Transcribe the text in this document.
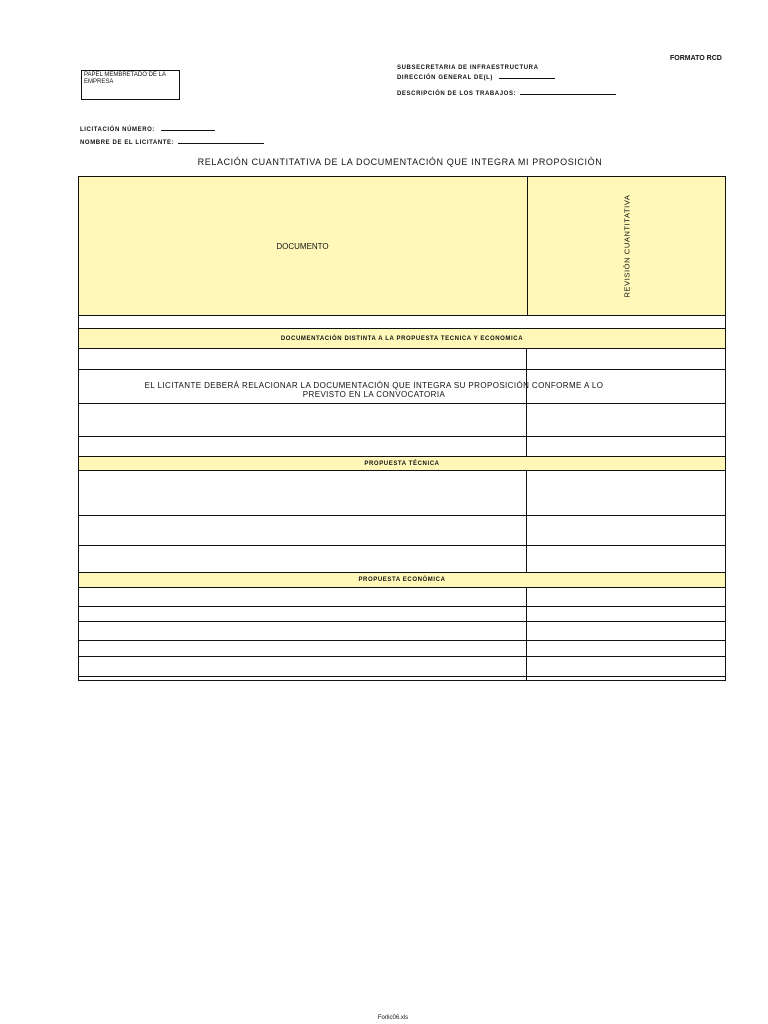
FORMATO RCD
PAPEL MEMBRETADO DE LA EMPRESA
SUBSECRETARIA DE INFRAESTRUCTURA
DIRECCIÓN GENERAL DE(L)
DESCRIPCIÓN DE LOS TRABAJOS:
LICITACIÓN NÚMERO:
NOMBRE DE EL LICITANTE:
RELACIÓN CUANTITATIVA DE LA DOCUMENTACIÓN QUE INTEGRA MI PROPOSICIÓN
DOCUMENTO	REVISIÓN CUANTITATIVA
DOCUMENTACIÓN DISTINTA A LA PROPUESTA TECNICA Y ECONOMICA
PROPUESTA TÉCNICA
PROPUESTA ECONÓMICA
EL LICITANTE DEBERÁ RELACIONAR LA DOCUMENTACIÓN QUE INTEGRA SU PROPOSICIÓN CONFORME A LO PREVISTO EN LA CONVOCATORIA
Forlic06.xls
